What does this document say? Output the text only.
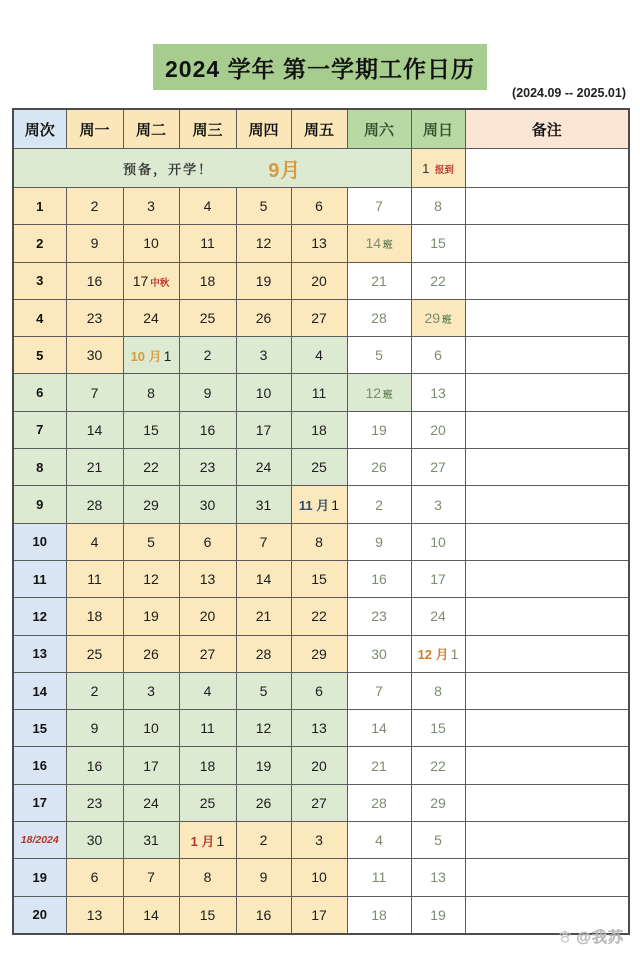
2024 学年 第一学期工作日历
(2024.09 -- 2025.01)
周次	周一	周二	周三	周四	周五	周六	周日	备注

预备，开学！ 9月							1 报到	
1	2	3	4	5	6	7	8	
2	9	10	11	12	13	14 班	15	
3	16	17 中秋	18	19	20	21	22	
4	23	24	25	26	27	28	29 班	
5	30	10 月 1	2	3	4	5	6	
6	7	8	9	10	11	12 班	13	
7	14	15	16	17	18	19	20	
8	21	22	23	24	25	26	27	
9	28	29	30	31	11 月 1	2	3	
10	4	5	6	7	8	9	10	
11	11	12	13	14	15	16	17	
12	18	19	20	21	22	23	24	
13	25	26	27	28	29	30	12 月 1	
14	2	3	4	5	6	7	8	
15	9	10	11	12	13	14	15	
16	16	17	18	19	20	21	22	
17	23	24	25	26	27	28	29	
18/2024	30	31	1 月 1	2	3	4	5	
19	6	7	8	9	10	11	13	
20	13	14	15	16	17	18	19	
@我苏
